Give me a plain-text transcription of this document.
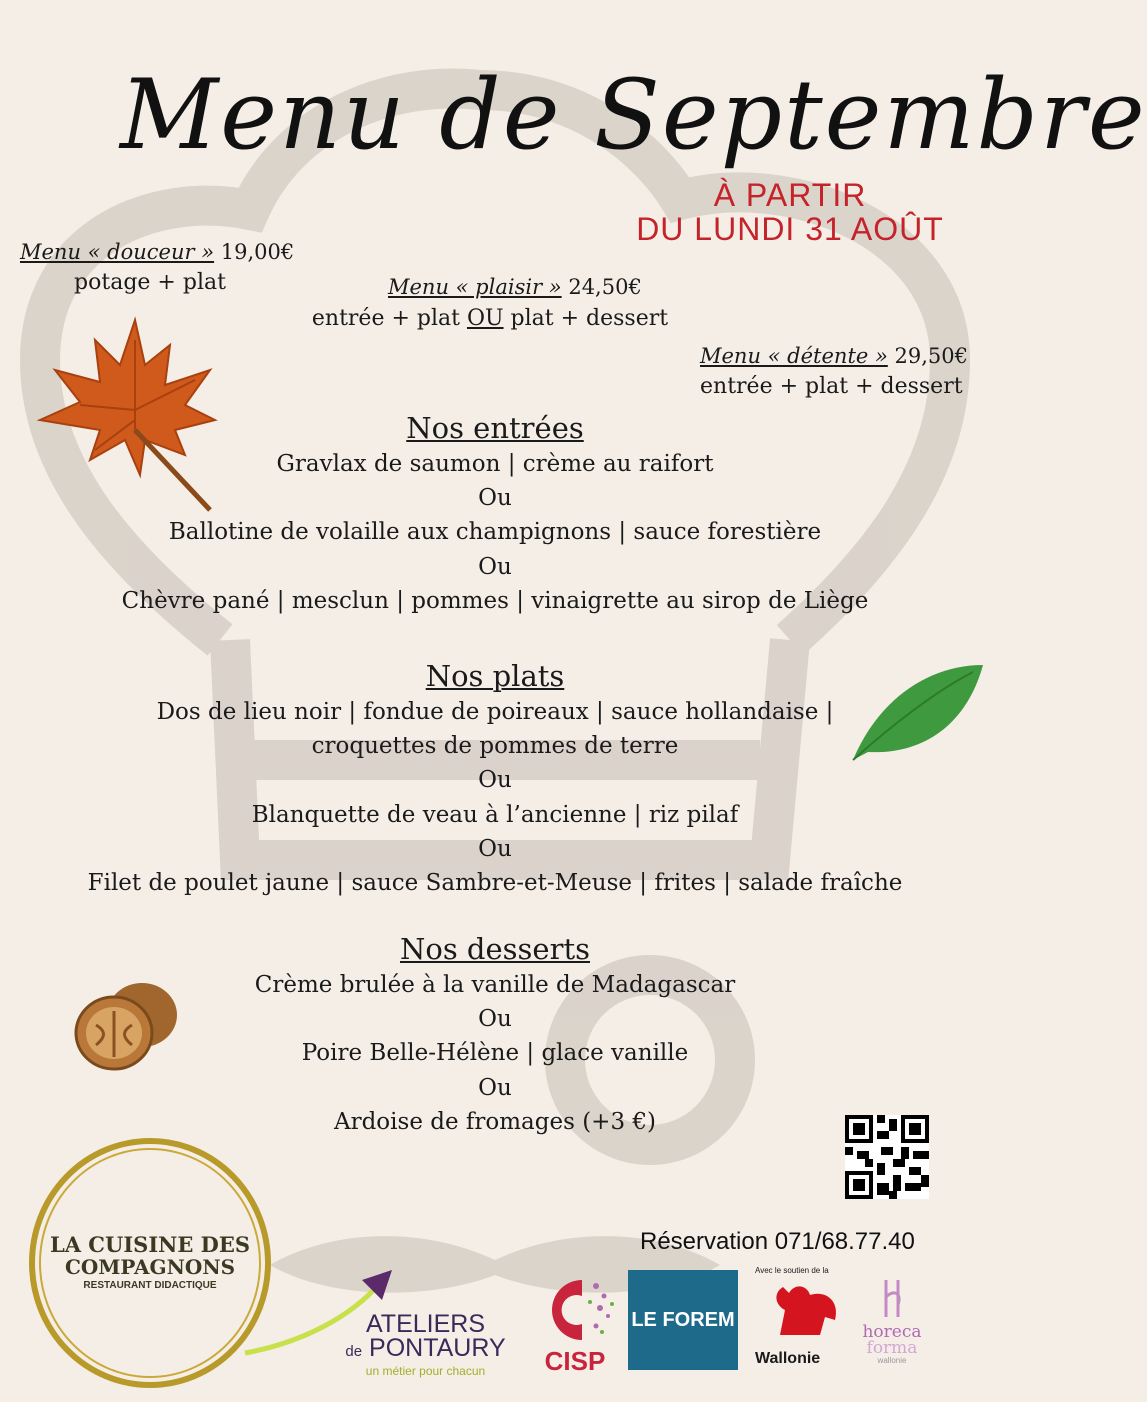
Menu de Septembre
À PARTIR
DU LUNDI 31 AOÛT
Menu « douceur » 19,00€
potage + plat	Menu « plaisir » 24,50€
entrée + plat OU plat + dessert
Menu « détente » 29,50€
entrée + plat + dessert
Nos entrées
Gravlax de saumon | crème au raifort
Ou
Ballotine de volaille aux champignons | sauce forestière
Ou
Chèvre pané | mesclun | pommes | vinaigrette au sirop de Liège
Nos plats
Dos de lieu noir | fondue de poireaux | sauce hollandaise |
croquettes de pommes de terre
Ou
Blanquette de veau à l’ancienne | riz pilaf
Ou
Filet de poulet jaune | sauce Sambre-et-Meuse | frites | salade fraîche
Nos desserts
Crème brulée à la vanille de Madagascar
Ou
Poire Belle-Hélène | glace vanille
Ou
Ardoise de fromages (+3 €)
Réservation 071/68.77.40
LA CUISINE DES
COMPAGNONS
RESTAURANT DIDACTIQUE
ATELIERS
de PONTAURY
un métier pour chacun	CISP
LE FOREM
Avec le soutien de la
Wallonie
horeca
forma
wallonie
